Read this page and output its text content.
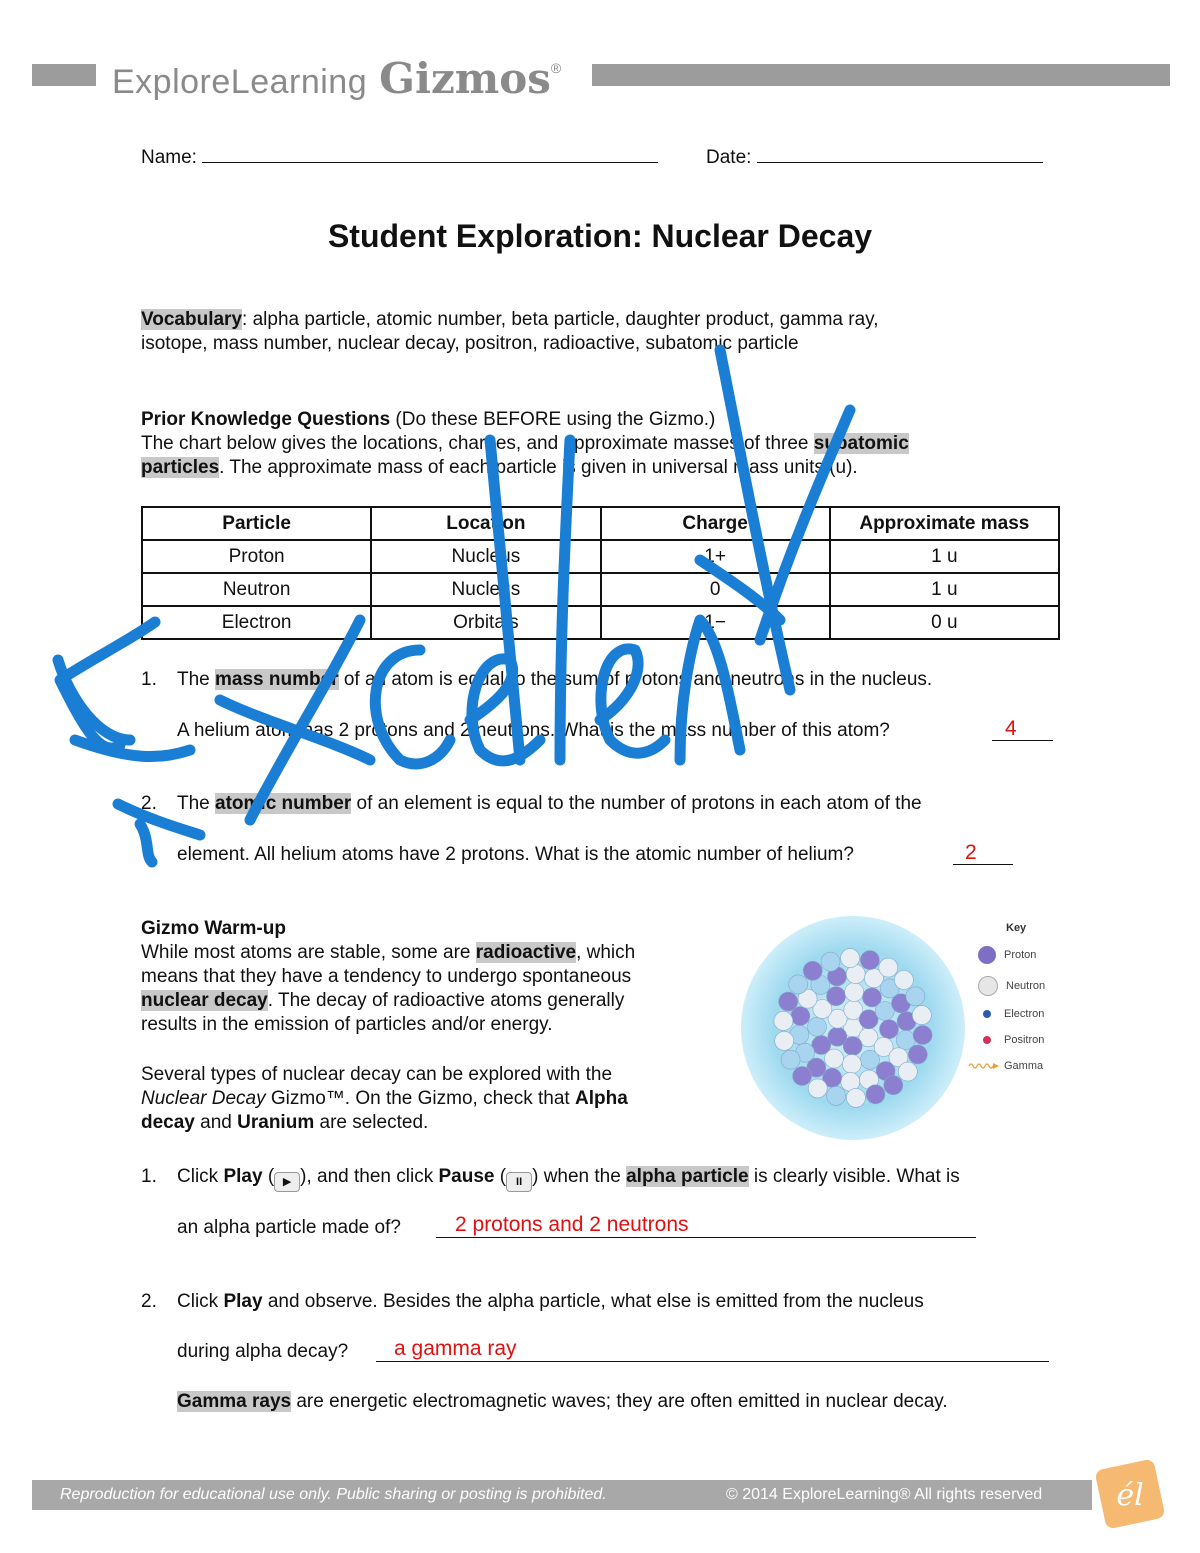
ExploreLearning Gizmos ®
Name:	Date:
Student Exploration: Nuclear Decay
Vocabulary: alpha particle, atomic number, beta particle, daughter product, gamma ray,
isotope, mass number, nuclear decay, positron, radioactive, subatomic particle
Prior Knowledge Questions (Do these BEFORE using the Gizmo.)
The chart below gives the locations, charges, and approximate masses of three subatomic
particles. The approximate mass of each particle is given in universal mass units (u).
Particle	Location	Charge	Approximate mass
Proton	Nucleus	1+	1 u
Neutron	Nucleus	0	1 u
Electron	Orbitals	1−	0 u
1. The mass number of an atom is equal to the sum of protons and neutrons in the nucleus.
A helium atom has 2 protons and 2 neutrons. What is the mass number of this atom?	4
2. The atomic number of an element is equal to the number of protons in each atom of the
element. All helium atoms have 2 protons. What is the atomic number of helium?	2
Gizmo Warm-up
While most atoms are stable, some are radioactive, which
means that they have a tendency to undergo spontaneous
nuclear decay. The decay of radioactive atoms generally
results in the emission of particles and/or energy.
Several types of nuclear decay can be explored with the
Nuclear Decay Gizmo™. On the Gizmo, check that Alpha
decay and Uranium are selected.
Key
Proton
Neutron
Electron
Positron
Gamma
1. Click Play ( ▶ ), and then click Pause ( II ) when the alpha particle is clearly visible. What is
an alpha particle made of?	2 protons and 2 neutrons
2. Click Play and observe. Besides the alpha particle, what else is emitted from the nucleus
during alpha decay? a gamma ray
Gamma rays are energetic electromagnetic waves; they are often emitted in nuclear decay.
Reproduction for educational use only. Public sharing or posting is prohibited.	© 2014 ExploreLearning® All rights reserved él
